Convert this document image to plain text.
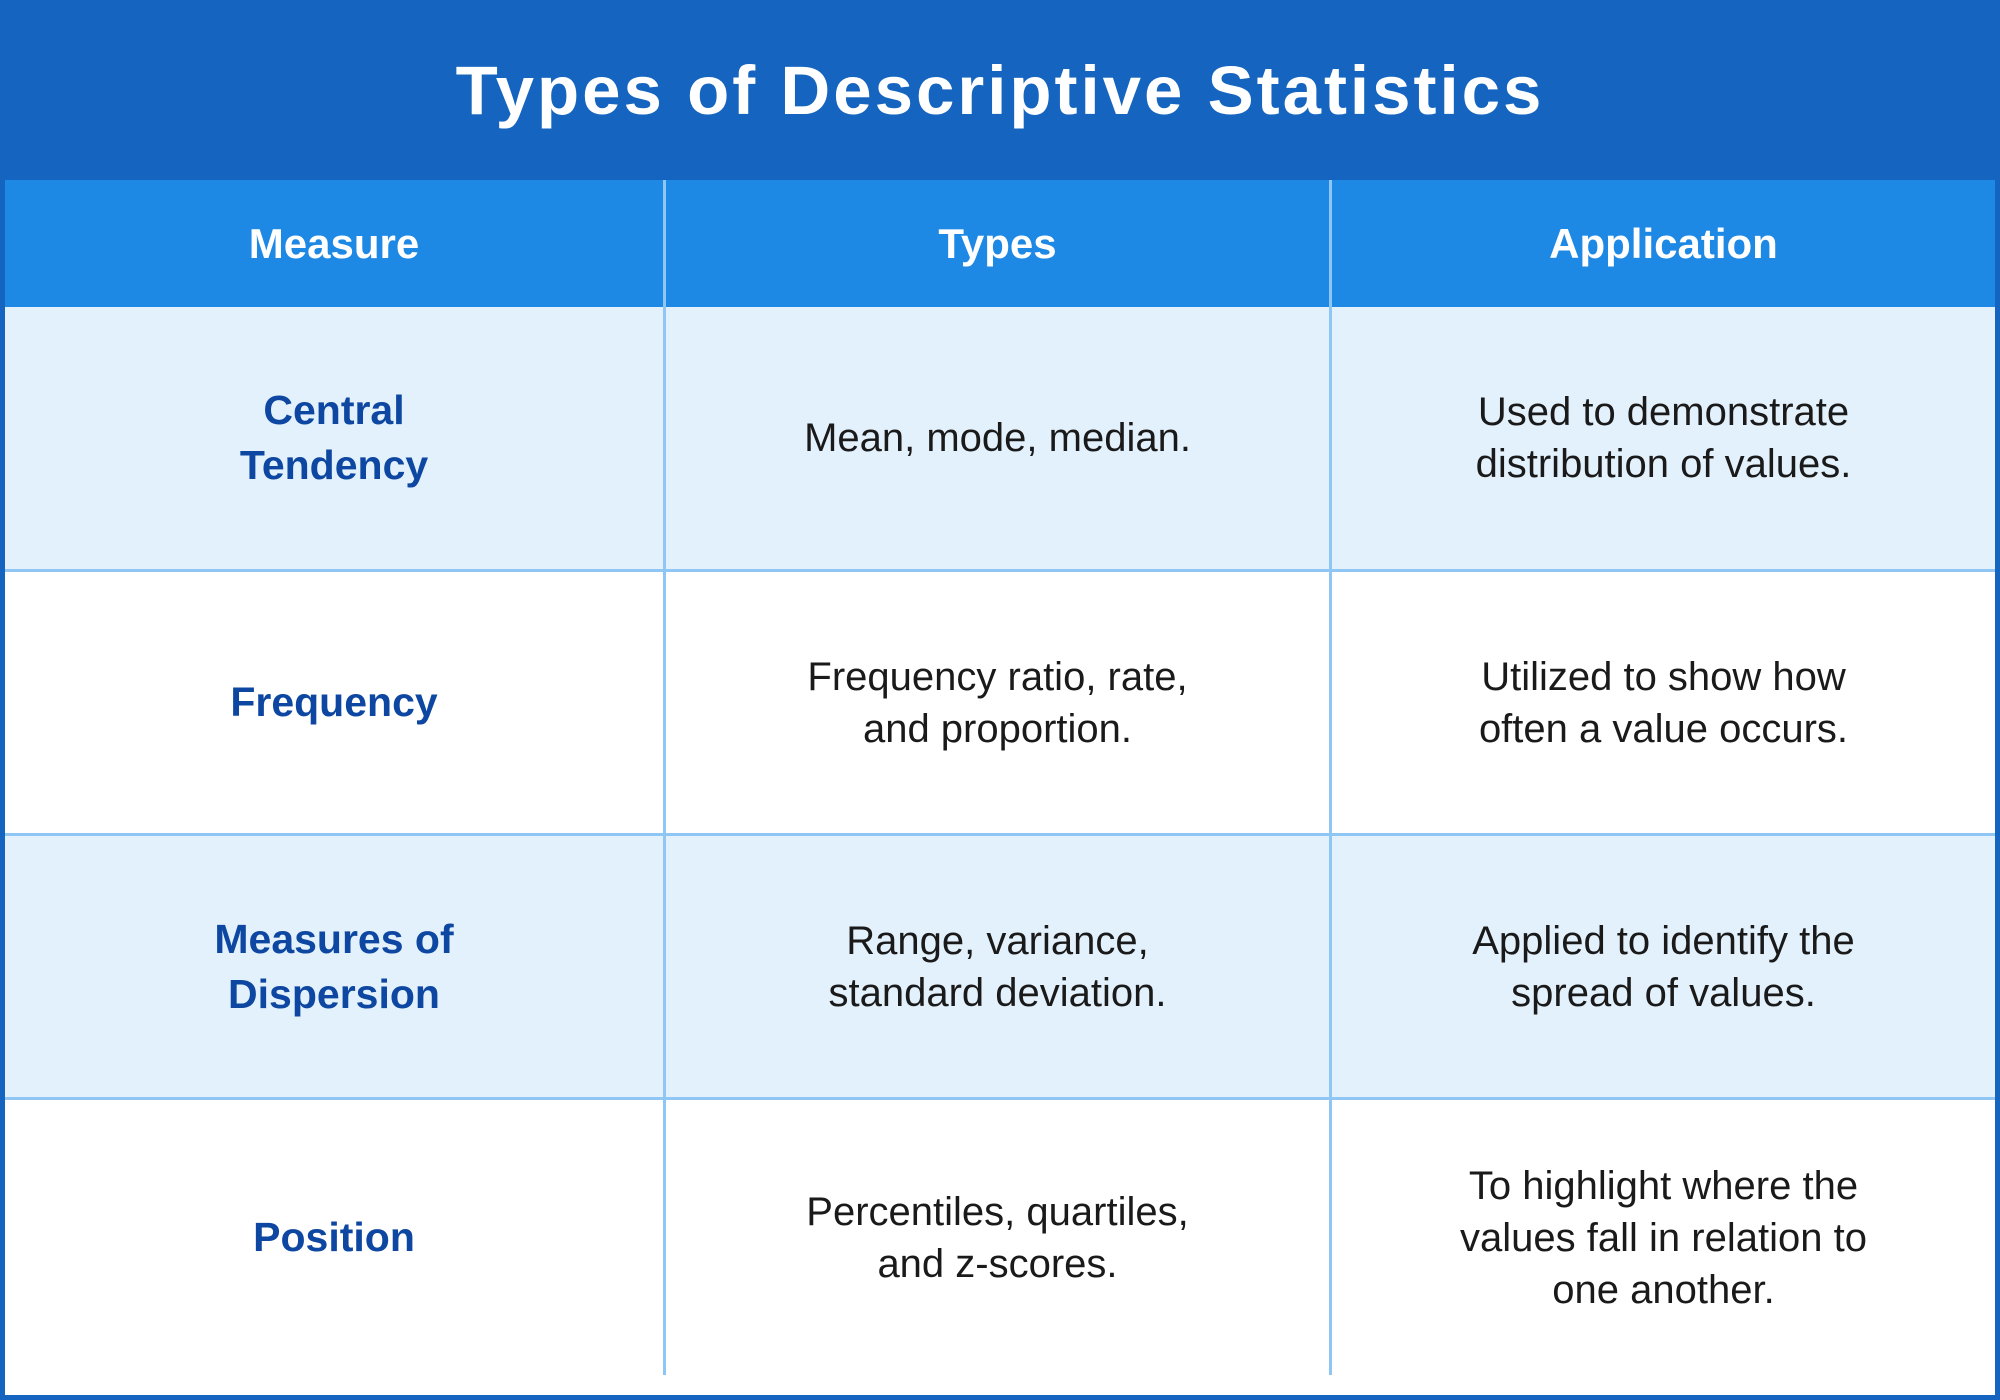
Types of Descriptive Statistics
Measure	Types	Application
Central Tendency
Mean, mode, median.
Used to demonstrate distribution of values.
Frequency
Frequency ratio, rate, and proportion.
Utilized to show how often a value occurs.
Measures of Dispersion
Range, variance, standard deviation.
Applied to identify the spread of values.
Position
Percentiles, quartiles, and z-scores.
To highlight where the values fall in relation to one another.
